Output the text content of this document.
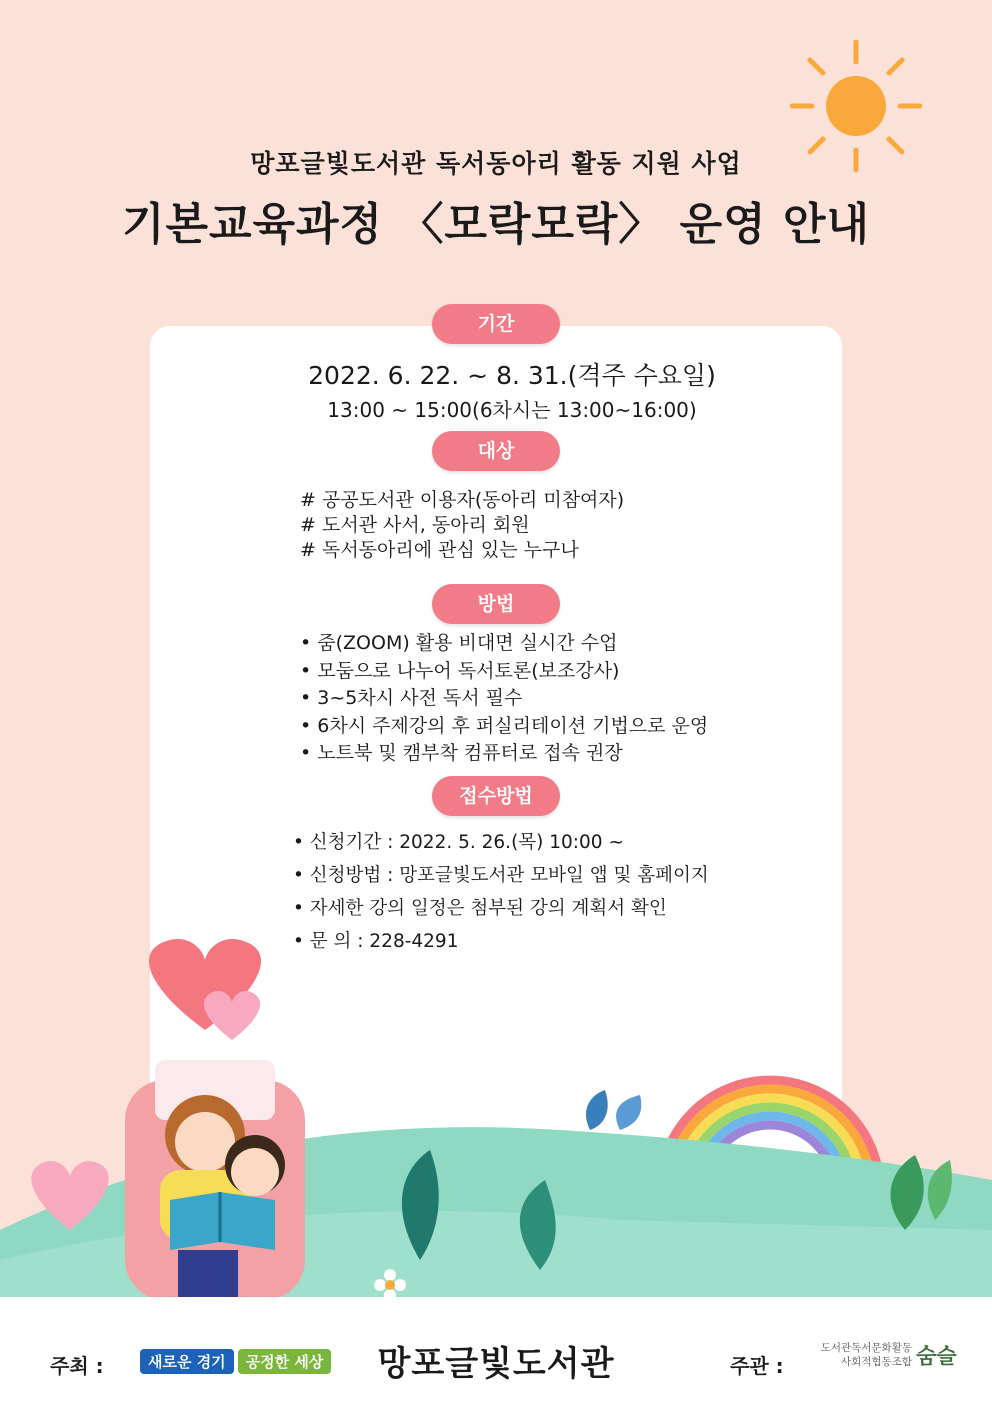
망포글빛도서관 독서동아리 활동 지원 사업
기본교육과정 〈모락모락〉 운영 안내
기간
2022. 6. 22. ~ 8. 31.(격주 수요일)
13:00 ~ 15:00(6차시는 13:00~16:00)
대상
# 공공도서관 이용자(동아리 미참여자)
# 도서관 사서, 동아리 회원
# 독서동아리에 관심 있는 누구나
방법
• 줌(ZOOM) 활용 비대면 실시간 수업
• 모둠으로 나누어 독서토론(보조강사)
• 3~5차시 사전 독서 필수
• 6차시 주제강의 후 퍼실리테이션 기법으로 운영
• 노트북 및 캠부착 컴퓨터로 접속 권장
접수방법
• 신청기간 : 2022. 5. 26.(목) 10:00 ~
• 신청방법 : 망포글빛도서관 모바일 앱 및 홈페이지
• 자세한 강의 일정은 첨부된 강의 계획서 확인
• 문 의 : 228-4291
주최 :	새로운 경기	공정한 세상	망포글빛도서관	주관 :
도서관독서문화활동
사회적협동조합 숨슬
